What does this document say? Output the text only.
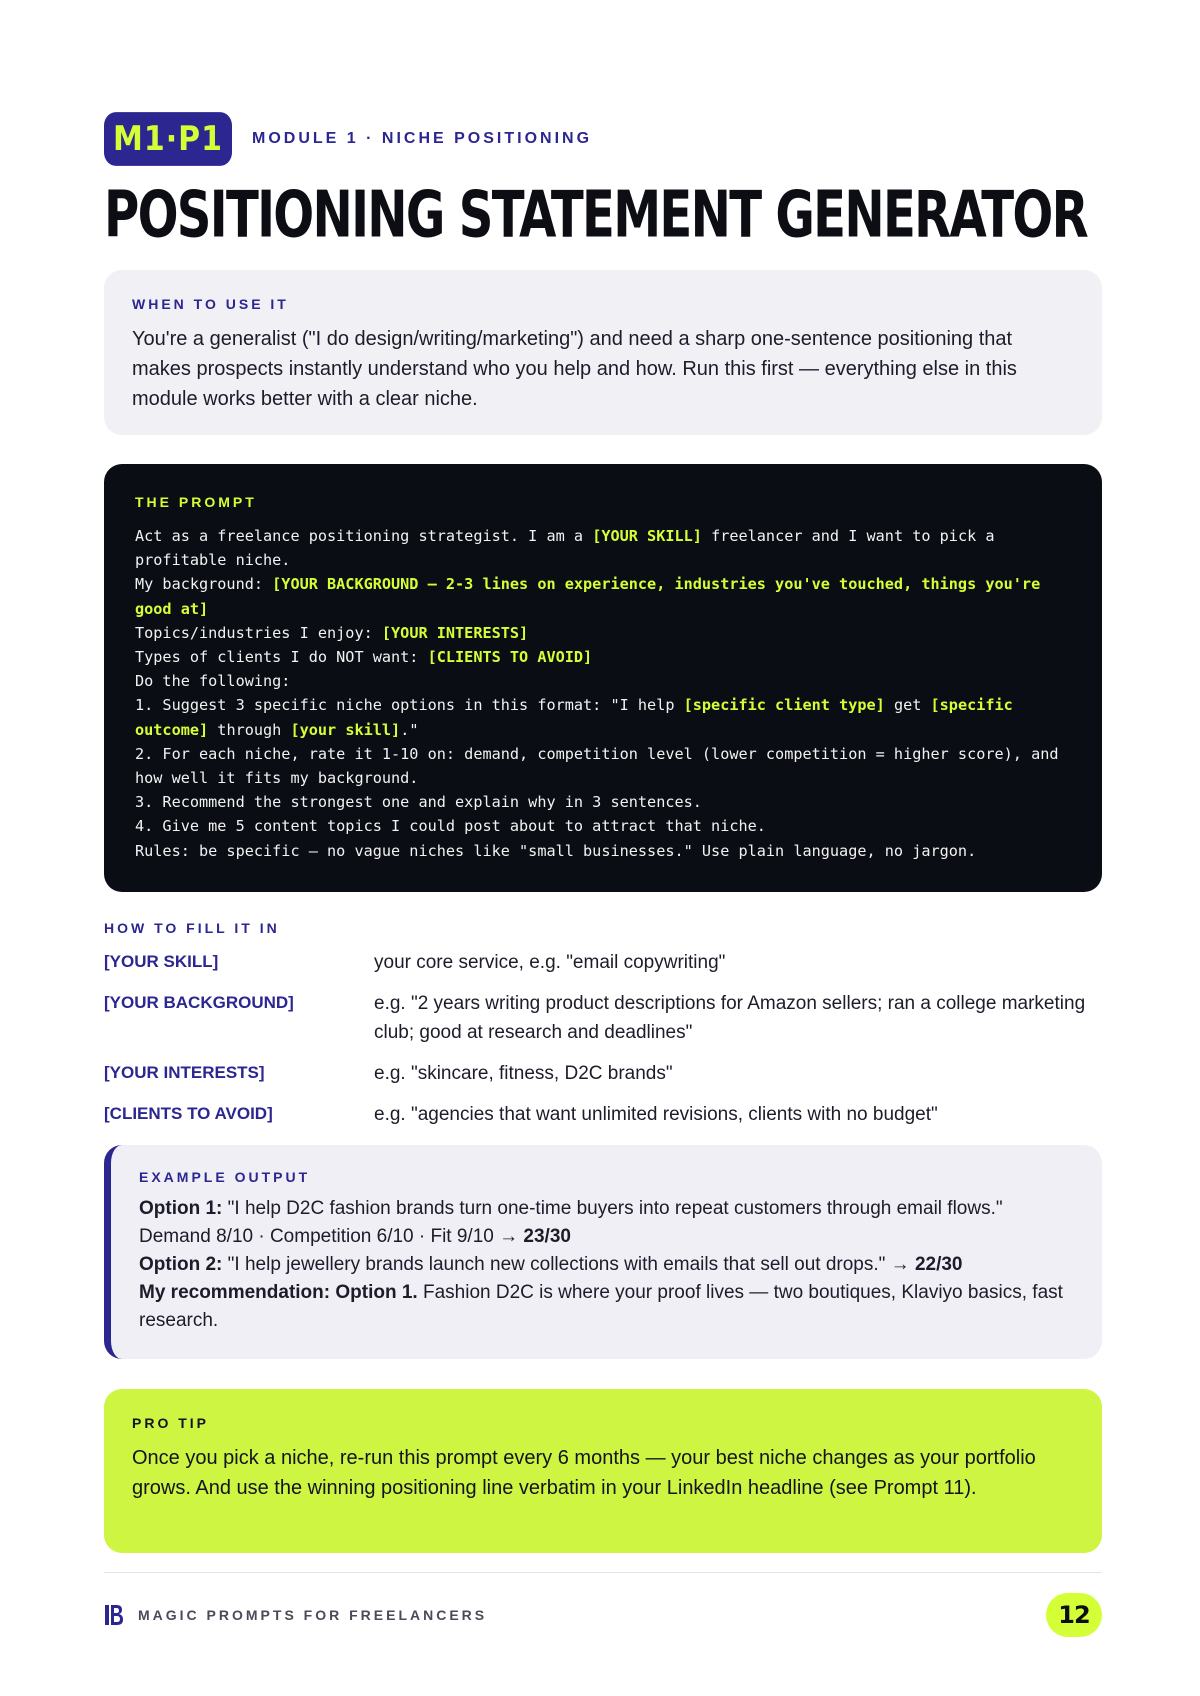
M1·P1	MODULE 1 · NICHE POSITIONING
POSITIONING STATEMENT GENERATOR
WHEN TO USE IT

You're a generalist ("I do design/writing/marketing") and need a sharp one-sentence positioning that makes prospects instantly understand who you help and how. Run this first — everything else in this module works better with a clear niche.

THE PROMPT
Act as a freelance positioning strategist. I am a [YOUR SKILL] freelancer and I want to pick a profitable niche.
My background: [YOUR BACKGROUND — 2-3 lines on experience, industries you've touched, things you're good at]
Topics/industries I enjoy: [YOUR INTERESTS]
Types of clients I do NOT want: [CLIENTS TO AVOID]
Do the following:
1. Suggest 3 specific niche options in this format: "I help [specific client type] get [specific outcome] through [your skill]."
2. For each niche, rate it 1-10 on: demand, competition level (lower competition = higher score), and how well it fits my background.
3. Recommend the strongest one and explain why in 3 sentences.
4. Give me 5 content topics I could post about to attract that niche.
Rules: be specific — no vague niches like "small businesses." Use plain language, no jargon.
HOW TO FILL IT IN
[YOUR SKILL]	your core service, e.g. "email copywriting"
[YOUR BACKGROUND]	e.g. "2 years writing product descriptions for Amazon sellers; ran a college marketing club; good at research and deadlines"
[YOUR INTERESTS]	e.g. "skincare, fitness, D2C brands"
[CLIENTS TO AVOID]	e.g. "agencies that want unlimited revisions, clients with no budget"
EXAMPLE OUTPUT
Option 1: "I help D2C fashion brands turn one-time buyers into repeat customers through email flows."
Demand 8/10 · Competition 6/10 · Fit 9/10 → 23/30
Option 2: "I help jewellery brands launch new collections with emails that sell out drops." → 22/30
My recommendation: Option 1. Fashion D2C is where your proof lives — two boutiques, Klaviyo basics, fast research.
PRO TIP

Once you pick a niche, re-run this prompt every 6 months — your best niche changes as your portfolio grows. And use the winning positioning line verbatim in your LinkedIn headline (see Prompt 11).

MAGIC PROMPTS FOR FREELANCERS	12
